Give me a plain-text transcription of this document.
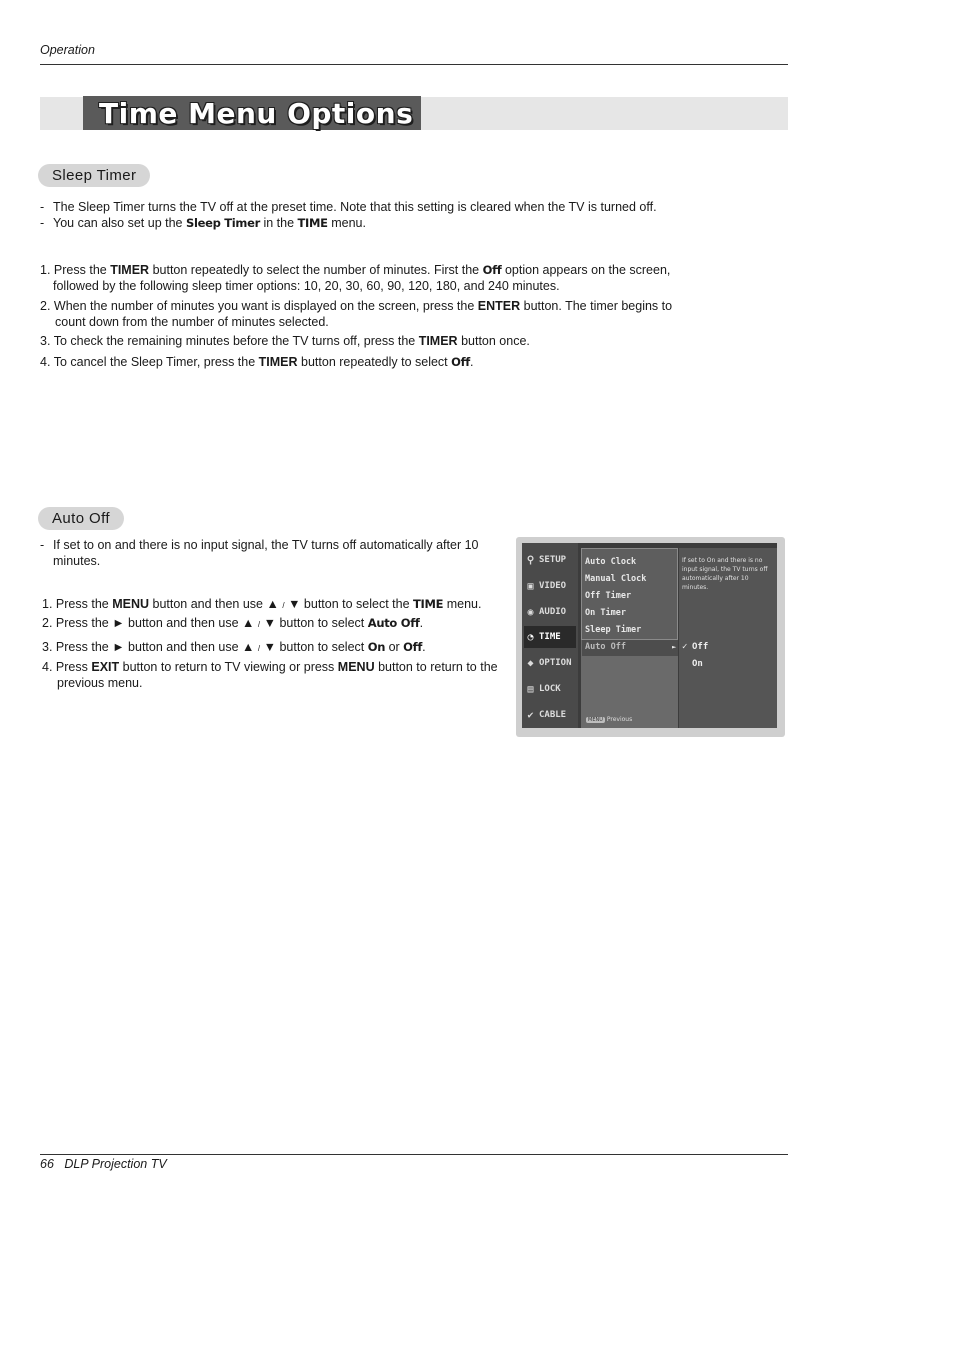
Operation
Time Menu Options
Sleep Timer
- The Sleep Timer turns the TV off at the preset time. Note that this setting is cleared when the TV is turned off.
- You can also set up the Sleep Timer in the TIME menu.
1. Press the TIMER button repeatedly to select the number of minutes. First the Off option appears on the screen,
followed by the following sleep timer options: 10, 20, 30, 60, 90, 120, 180, and 240 minutes.
2. When the number of minutes you want is displayed on the screen, press the ENTER button. The timer begins to
count down from the number of minutes selected.
3. To check the remaining minutes before the TV turns off, press the TIMER button once.
4. To cancel the Sleep Timer, press the TIMER button repeatedly to select Off.
Auto Off
- If set to on and there is no input signal, the TV turns off automatically after 10
minutes.
1. Press the MENU button and then use ▲ / ▼ button to select the TIME menu.
2. Press the ► button and then use ▲ / ▼ button to select Auto Off.
3. Press the ► button and then use ▲ / ▼ button to select On or Off.
4. Press EXIT button to return to TV viewing or press MENU button to return to the
previous menu.
⚲ SETUP
▣ VIDEO
◉ AUDIO
◔ TIME
◆ OPTION
▤ LOCK
✔ CABLE
Auto Clock
Manual Clock
Off Timer
On Timer
Sleep Timer
Auto Off	►
If set to On and there is no input signal, the TV turns off automatically after 10 minutes.
✓ Off
On
MENU Previous
66 DLP Projection TV
